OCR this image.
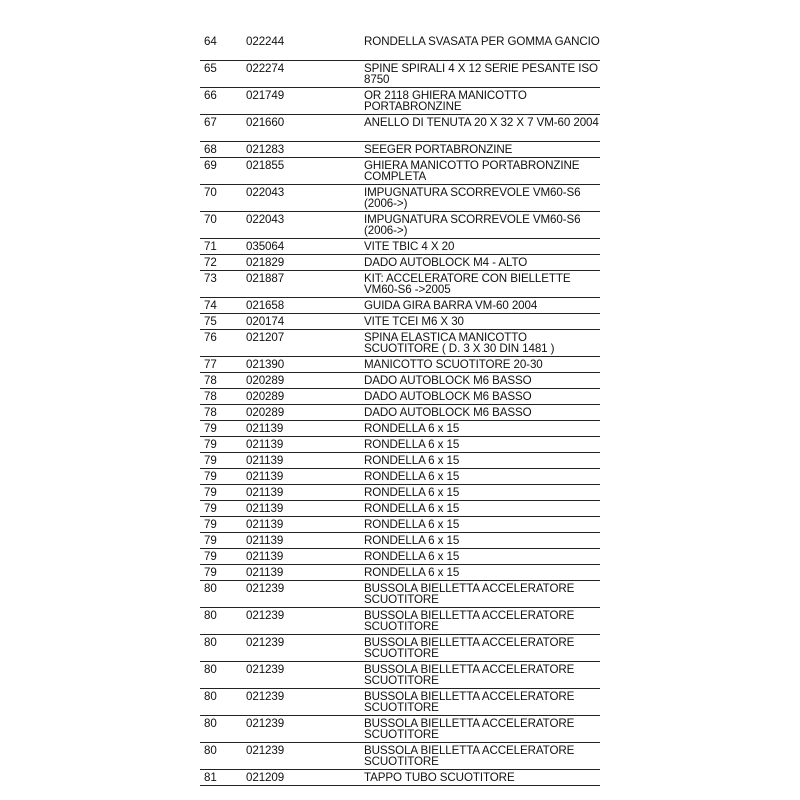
64	022244	RONDELLA SVASATA PER GOMMA GANCIO
65	022274	SPINE SPIRALI 4 X 12 SERIE PESANTE ISO 8750
66	021749	OR 2118 GHIERA MANICOTTO PORTABRONZINE
67	021660	ANELLO DI TENUTA 20 X 32 X 7 VM-60 2004
68	021283	SEEGER PORTABRONZINE
69	021855	GHIERA MANICOTTO PORTABRONZINE COMPLETA
70	022043	IMPUGNATURA SCORREVOLE VM60-S6 (2006->)
70	022043	IMPUGNATURA SCORREVOLE VM60-S6 (2006->)
71	035064	VITE TBIC 4 X 20
72	021829	DADO AUTOBLOCK M4 - ALTO
73	021887	KIT: ACCELERATORE CON BIELLETTE VM60-S6 ->2005
74	021658	GUIDA GIRA BARRA VM-60 2004
75	020174	VITE TCEI M6 X 30
76	021207	SPINA ELASTICA MANICOTTO SCUOTITORE ( D. 3 X 30 DIN 1481 )
77	021390	MANICOTTO SCUOTITORE 20-30
78	020289	DADO AUTOBLOCK M6 BASSO
78	020289	DADO AUTOBLOCK M6 BASSO
78	020289	DADO AUTOBLOCK M6 BASSO
79	021139	RONDELLA 6 x 15
79	021139	RONDELLA 6 x 15
79	021139	RONDELLA 6 x 15
79	021139	RONDELLA 6 x 15
79	021139	RONDELLA 6 x 15
79	021139	RONDELLA 6 x 15
79	021139	RONDELLA 6 x 15
79	021139	RONDELLA 6 x 15
79	021139	RONDELLA 6 x 15
79	021139	RONDELLA 6 x 15
80	021239	BUSSOLA BIELLETTA ACCELERATORE SCUOTITORE
80	021239	BUSSOLA BIELLETTA ACCELERATORE SCUOTITORE
80	021239	BUSSOLA BIELLETTA ACCELERATORE SCUOTITORE
80	021239	BUSSOLA BIELLETTA ACCELERATORE SCUOTITORE
80	021239	BUSSOLA BIELLETTA ACCELERATORE SCUOTITORE
80	021239	BUSSOLA BIELLETTA ACCELERATORE SCUOTITORE
80	021239	BUSSOLA BIELLETTA ACCELERATORE SCUOTITORE
81	021209	TAPPO TUBO SCUOTITORE
